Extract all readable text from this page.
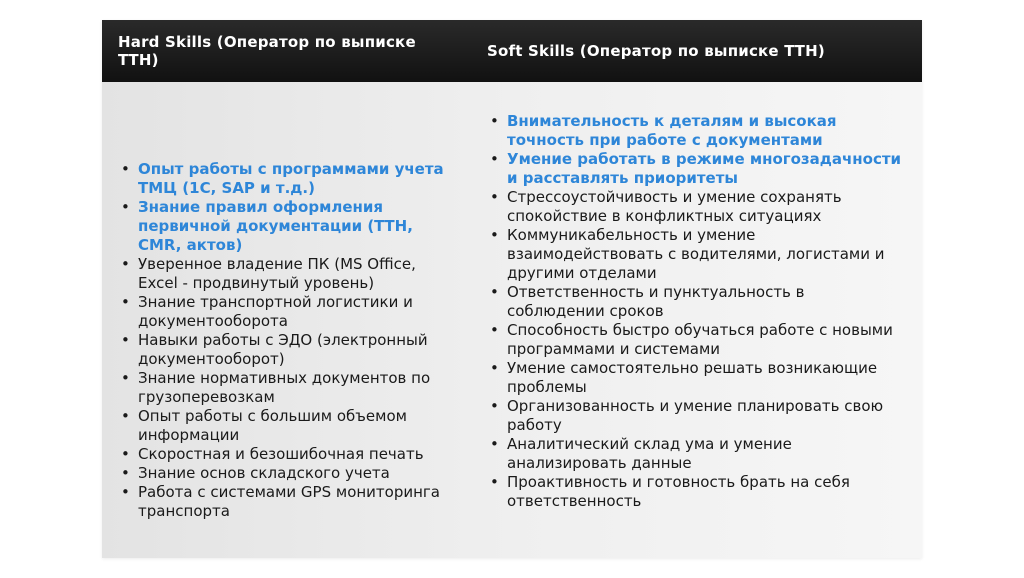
Hard Skills (Оператор по выписке ТТН)	Soft Skills (Оператор по выписке ТТН)
• Опыт работы с программами учета ТМЦ (1С, SAP и т.д.)
• Знание правил оформления первичной документации (ТТН, CMR, актов)
• Уверенное владение ПК (MS Office, Excel - продвинутый уровень)
• Знание транспортной логистики и документооборота
• Навыки работы с ЭДО (электронный документооборот)
• Знание нормативных документов по грузоперевозкам
• Опыт работы с большим объемом информации
• Скоростная и безошибочная печать
• Знание основ складского учета
• Работа с системами GPS мониторинга транспорта
• Внимательность к деталям и высокая точность при работе с документами
• Умение работать в режиме многозадачности и расставлять приоритеты
• Стрессоустойчивость и умение сохранять спокойствие в конфликтных ситуациях
• Коммуникабельность и умение взаимодействовать с водителями, логистами и другими отделами
• Ответственность и пунктуальность в соблюдении сроков
• Способность быстро обучаться работе с новыми программами и системами
• Умение самостоятельно решать возникающие проблемы
• Организованность и умение планировать свою работу
• Аналитический склад ума и умение анализировать данные
• Проактивность и готовность брать на себя ответственность
